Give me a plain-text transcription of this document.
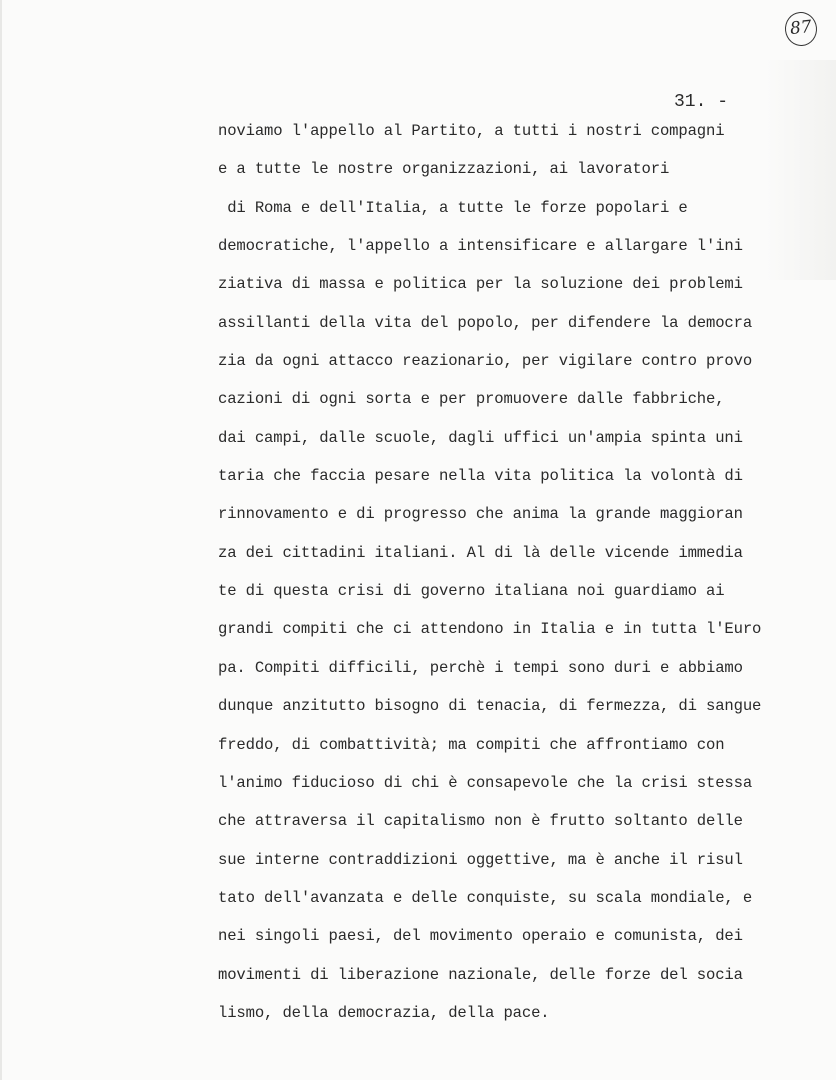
87
31. -
noviamo l'appello al Partito, a tutti i nostri compagni
e a tutte le nostre organizzazioni, ai lavoratori
di Roma e dell'Italia, a tutte le forze popolari e
democratiche, l'appello a intensificare e allargare l'ini
ziativa di massa e politica per la soluzione dei problemi
assillanti della vita del popolo, per difendere la democra
zia da ogni attacco reazionario, per vigilare contro provo
cazioni di ogni sorta e per promuovere dalle fabbriche,
dai campi, dalle scuole, dagli uffici un'ampia spinta uni
taria che faccia pesare nella vita politica la volontà di
rinnovamento e di progresso che anima la grande maggioran
za dei cittadini italiani. Al di là delle vicende immedia
te di questa crisi di governo italiana noi guardiamo ai
grandi compiti che ci attendono in Italia e in tutta l'Euro
pa. Compiti difficili, perchè i tempi sono duri e abbiamo
dunque anzitutto bisogno di tenacia, di fermezza, di sangue
freddo, di combattività; ma compiti che affrontiamo con
l'animo fiducioso di chi è consapevole che la crisi stessa
che attraversa il capitalismo non è frutto soltanto delle
sue interne contraddizioni oggettive, ma è anche il risul
tato dell'avanzata e delle conquiste, su scala mondiale, e
nei singoli paesi, del movimento operaio e comunista, dei
movimenti di liberazione nazionale, delle forze del socia
lismo, della democrazia, della pace.
